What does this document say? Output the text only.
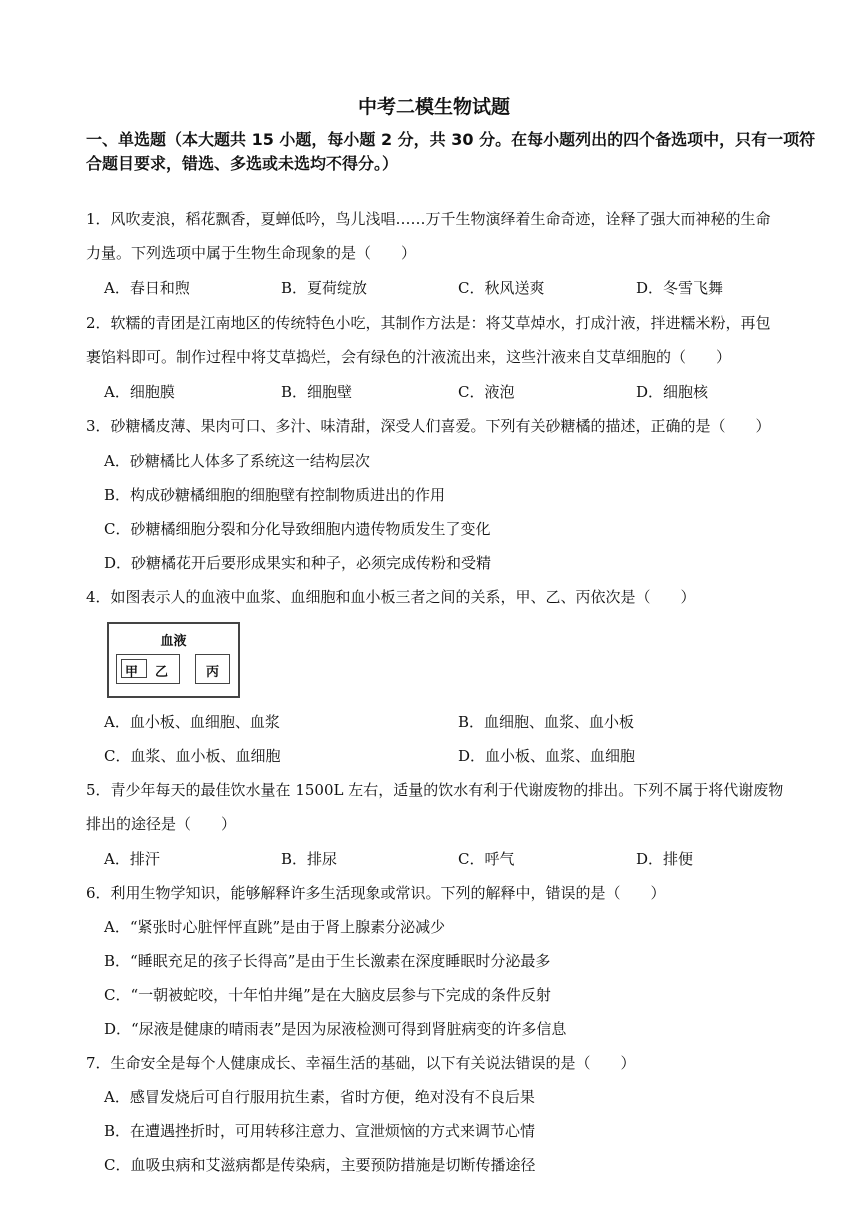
中考二模生物试题
一、单选题（本大题共 15 小题，每小题 2 分，共 30 分。在每小题列出的四个备选项中，只有一项符合题目要求，错选、多选或未选均不得分。）
1．风吹麦浪，稻花飘香，夏蝉低吟，鸟儿浅唱……万千生物演绎着生命奇迹，诠释了强大而神秘的生命
力量。下列选项中属于生物生命现象的是（　　）
A．春日和煦	B．夏荷绽放	C．秋风送爽	D．冬雪飞舞
2．软糯的青团是江南地区的传统特色小吃，其制作方法是：将艾草焯水，打成汁液，拌进糯米粉，再包
裹馅料即可。制作过程中将艾草捣烂，会有绿色的汁液流出来，这些汁液来自艾草细胞的（　　）
A．细胞膜	B．细胞壁	C．液泡	D．细胞核
3．砂糖橘皮薄、果肉可口、多汁、味清甜，深受人们喜爱。下列有关砂糖橘的描述，正确的是（　　）
A．砂糖橘比人体多了系统这一结构层次
B．构成砂糖橘细胞的细胞壁有控制物质进出的作用
C．砂糖橘细胞分裂和分化导致细胞内遗传物质发生了变化
D．砂糖橘花开后要形成果实和种子，必须完成传粉和受精
4．如图表示人的血液中血浆、血细胞和血小板三者之间的关系，甲、乙、丙依次是（　　）
血液
甲 乙	丙
A．血小板、血细胞、血浆	B．血细胞、血浆、血小板
C．血浆、血小板、血细胞	D．血小板、血浆、血细胞
5．青少年每天的最佳饮水量在 1500L 左右，适量的饮水有利于代谢废物的排出。下列不属于将代谢废物
排出的途径是（　　）
A．排汗	B．排尿	C．呼气	D．排便
6．利用生物学知识，能够解释许多生活现象或常识。下列的解释中，错误的是（　　）
A．“紧张时心脏怦怦直跳”是由于肾上腺素分泌减少
B．“睡眠充足的孩子长得高”是由于生长激素在深度睡眠时分泌最多
C．“一朝被蛇咬，十年怕井绳”是在大脑皮层参与下完成的条件反射
D．“尿液是健康的晴雨表”是因为尿液检测可得到肾脏病变的许多信息
7．生命安全是每个人健康成长、幸福生活的基础，以下有关说法错误的是（　　）
A．感冒发烧后可自行服用抗生素，省时方便，绝对没有不良后果
B．在遭遇挫折时，可用转移注意力、宣泄烦恼的方式来调节心情
C．血吸虫病和艾滋病都是传染病，主要预防措施是切断传播途径
